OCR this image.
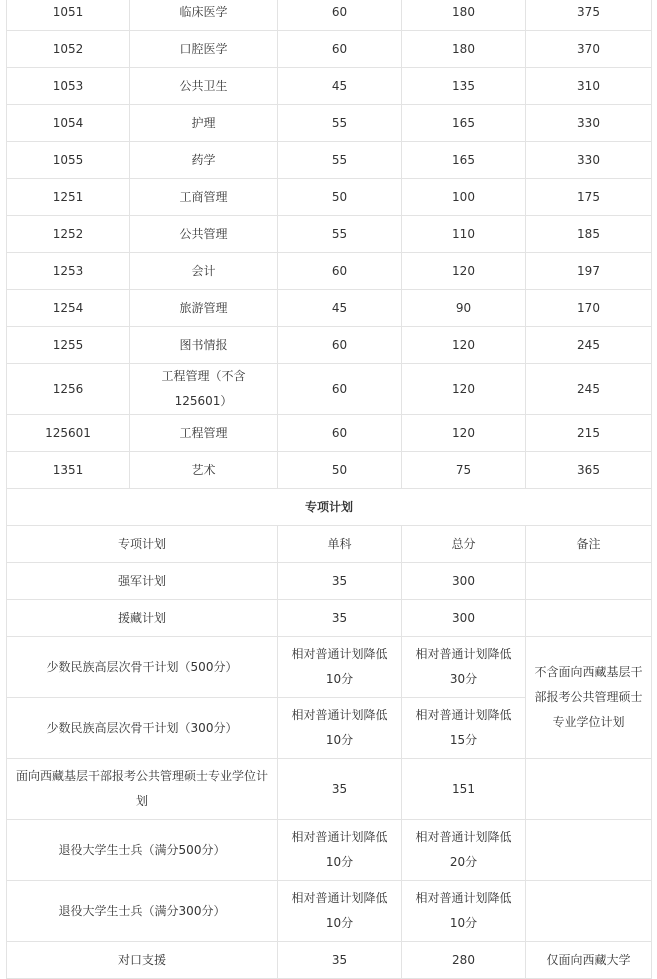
1051	临床医学	60	180	375
1052	口腔医学	60	180	370
1053	公共卫生	45	135	310
1054	护理	55	165	330
1055	药学	55	165	330
1251	工商管理	50	100	175
1252	公共管理	55	110	185
1253	会计	60	120	197
1254	旅游管理	45	90	170
1255	图书情报	60	120	245
1256	工程管理（不含125601）	60	120	245
125601	工程管理	60	120	215
1351	艺术	50	75	365
专项计划				
专项计划		单科	总分	备注
强军计划		35	300	
援藏计划		35	300	
少数民族高层次骨干计划（500分）		相对普通计划降低10分	相对普通计划降低30分	不含面向西藏基层干部报考公共管理硕士专业学位计划
少数民族高层次骨干计划（300分）		相对普通计划降低10分	相对普通计划降低15分	
面向西藏基层干部报考公共管理硕士专业学位计划		35	151	
退役大学生士兵（满分500分）		相对普通计划降低10分	相对普通计划降低20分	
退役大学生士兵（满分300分）		相对普通计划降低10分	相对普通计划降低10分	
对口支援		35	280	仅面向西藏大学
